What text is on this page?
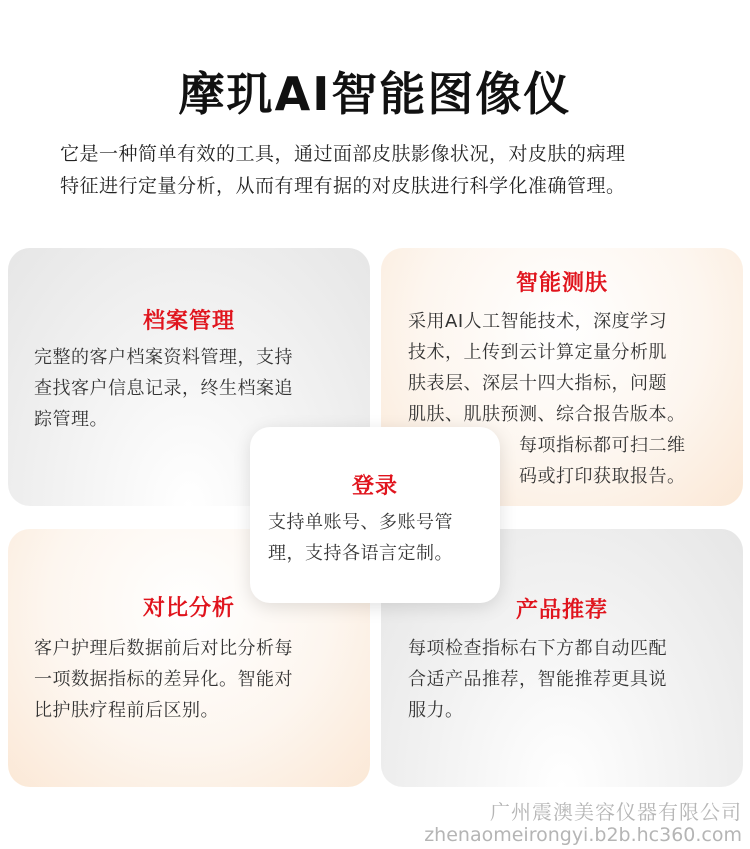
摩玑AI智能图像仪

它是一种简单有效的工具，通过面部皮肤影像状况，对皮肤的病理

特征进行定量分析，从而有理有据的对皮肤进行科学化准确管理。

档案管理

完整的客户档案资料管理，支持

查找客户信息记录，终生档案追

踪管理。

智能测肤

采用AI人工智能技术，深度学习

技术，上传到云计算定量分析肌

肤表层、深层十四大指标，问题

肌肤、肌肤预测、综合报告版本。

每项指标都可扫二维

码或打印获取报告。

对比分析

客户护理后数据前后对比分析每

一项数据指标的差异化。智能对

比护肤疗程前后区别。

产品推荐

每项检查指标右下方都自动匹配

合适产品推荐，智能推荐更具说

服力。

登录

支持单账号、多账号管

理，支持各语言定制。

广州震澳美容仪器有限公司
zhenaomeirongyi.b2b.hc360.com
